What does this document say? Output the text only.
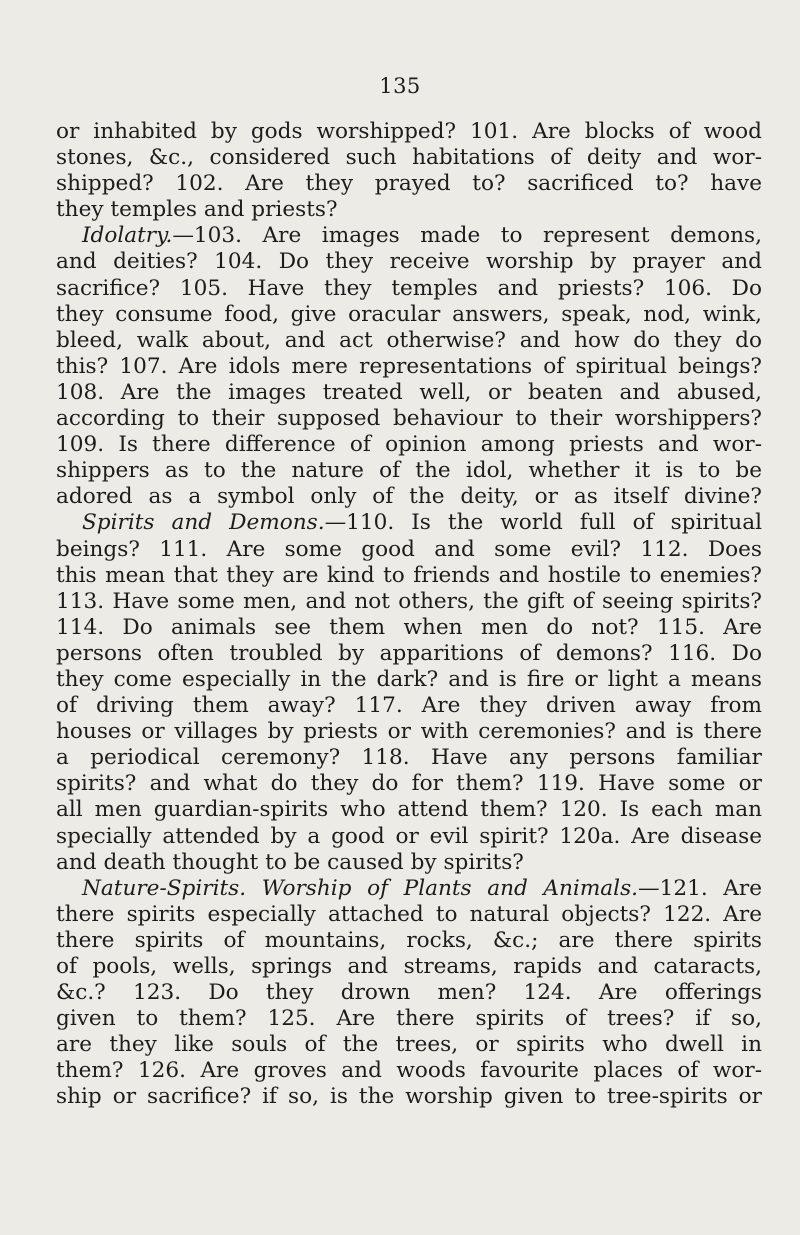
135
or inhabited by gods worshipped? 101. Are blocks of wood
stones, &c., considered such habitations of deity and wor-
shipped? 102. Are they prayed to? sacrificed to? have
they temples and priests?
Idolatry.—103. Are images made to represent demons,
and deities? 104. Do they receive worship by prayer and
sacrifice? 105. Have they temples and priests? 106. Do
they consume food, give oracular answers, speak, nod, wink,
bleed, walk about, and act otherwise? and how do they do
this? 107. Are idols mere representations of spiritual beings?
108. Are the images treated well, or beaten and abused,
according to their supposed behaviour to their worshippers?
109. Is there difference of opinion among priests and wor-
shippers as to the nature of the idol, whether it is to be
adored as a symbol only of the deity, or as itself divine?
Spirits and Demons.—110. Is the world full of spiritual
beings? 111. Are some good and some evil? 112. Does
this mean that they are kind to friends and hostile to enemies?
113. Have some men, and not others, the gift of seeing spirits?
114. Do animals see them when men do not? 115. Are
persons often troubled by apparitions of demons? 116. Do
they come especially in the dark? and is fire or light a means
of driving them away? 117. Are they driven away from
houses or villages by priests or with ceremonies? and is there
a periodical ceremony? 118. Have any persons familiar
spirits? and what do they do for them? 119. Have some or
all men guardian-spirits who attend them? 120. Is each man
specially attended by a good or evil spirit? 120a. Are disease
and death thought to be caused by spirits?
Nature-Spirits. Worship of Plants and Animals.—121. Are
there spirits especially attached to natural objects? 122. Are
there spirits of mountains, rocks, &c.; are there spirits
of pools, wells, springs and streams, rapids and cataracts,
&c.? 123. Do they drown men? 124. Are offerings
given to them? 125. Are there spirits of trees? if so,
are they like souls of the trees, or spirits who dwell in
them? 126. Are groves and woods favourite places of wor-
ship or sacrifice? if so, is the worship given to tree-spirits or
